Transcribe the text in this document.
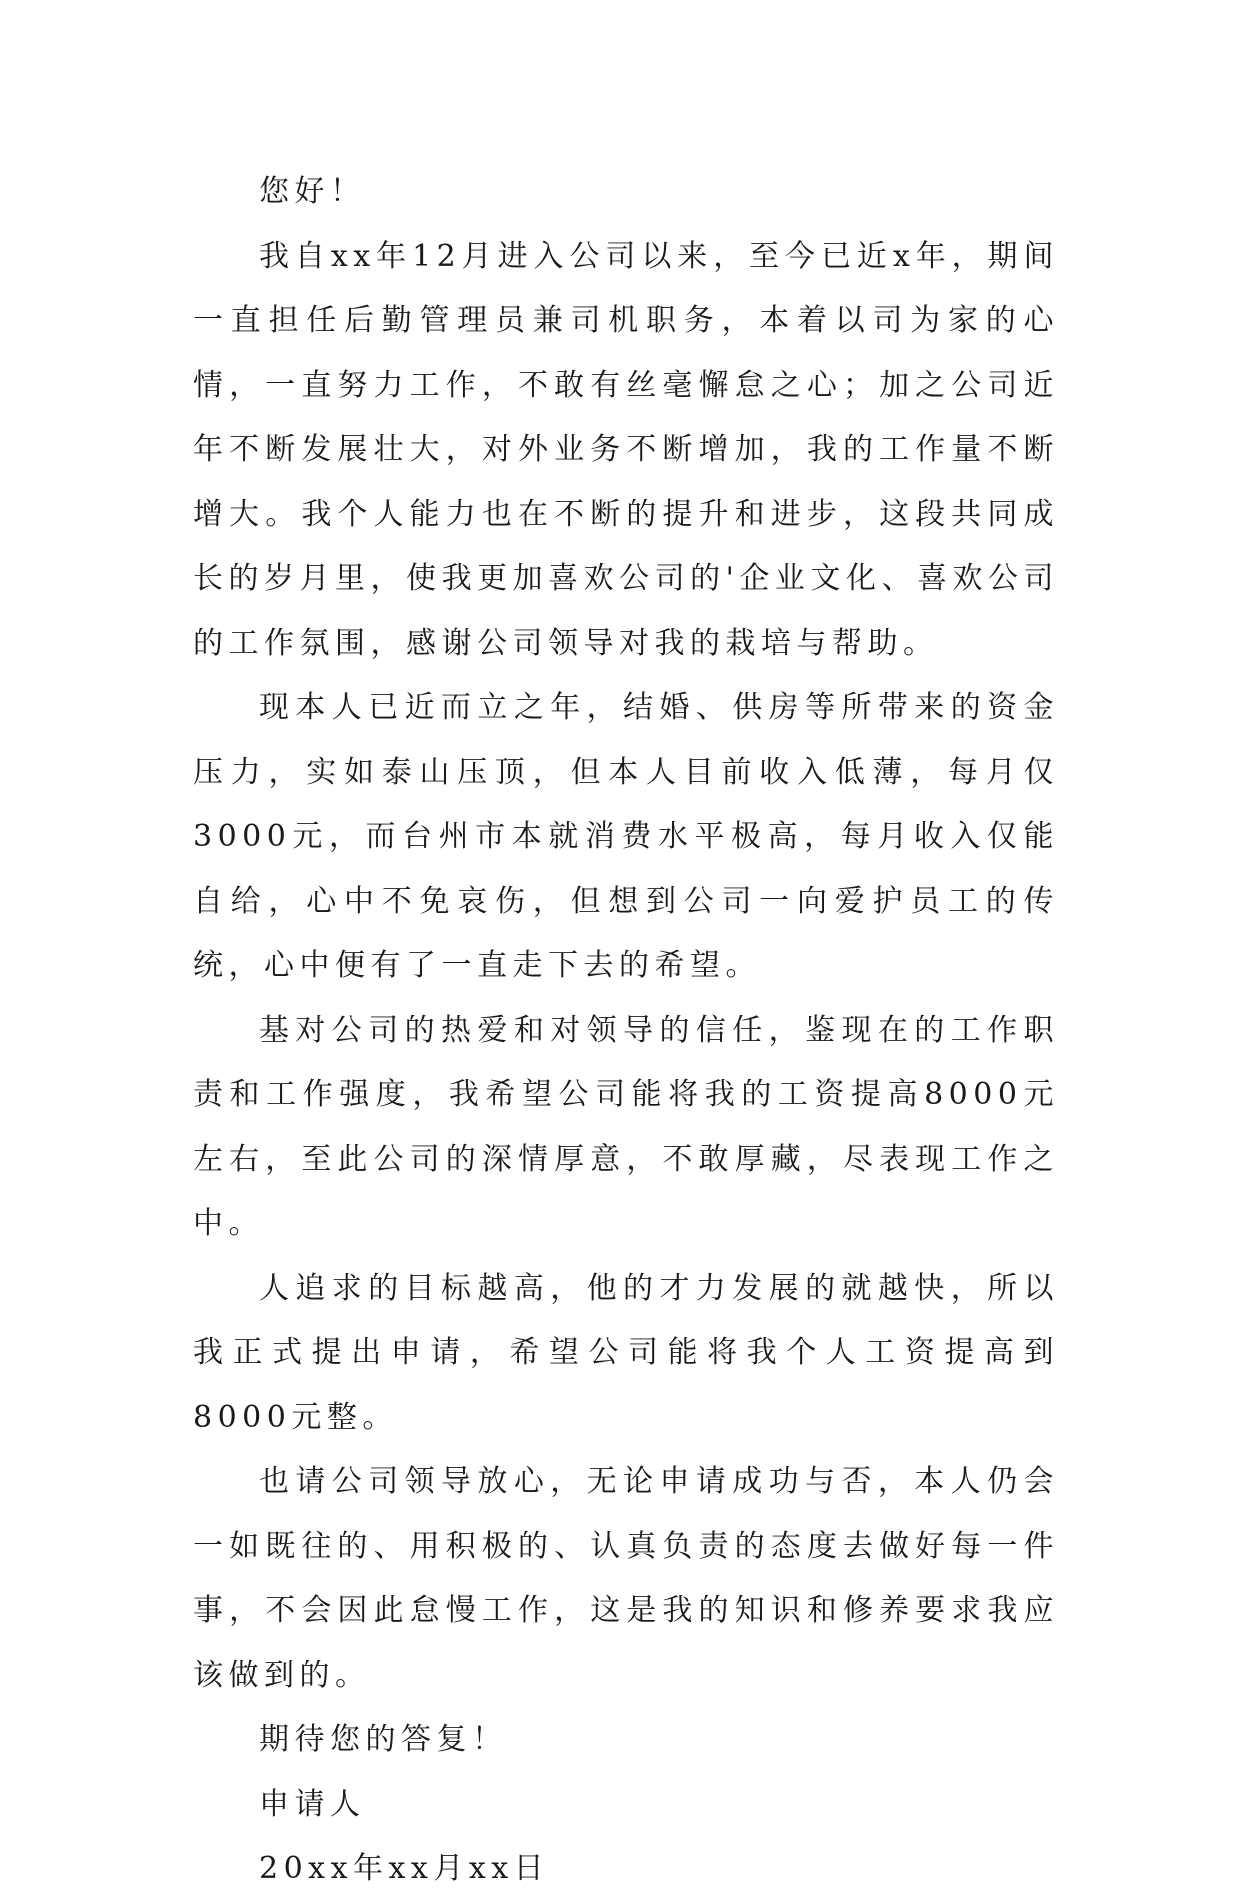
您好！

我自xx年12月进入公司以来，至今已近x年，期间一直担任后勤管理员兼司机职务，本着以司为家的心情，一直努力工作，不敢有丝毫懈怠之心；加之公司近年不断发展壮大，对外业务不断增加，我的工作量不断增大。我个人能力也在不断的提升和进步，这段共同成长的岁月里，使我更加喜欢公司的'企业文化、喜欢公司的工作氛围，感谢公司领导对我的栽培与帮助。

现本人已近而立之年，结婚、供房等所带来的资金压力，实如泰山压顶，但本人目前收入低薄，每月仅3000元，而台州市本就消费水平极高，每月收入仅能自给，心中不免哀伤，但想到公司一向爱护员工的传统，心中便有了一直走下去的希望。

基对公司的热爱和对领导的信任，鉴现在的工作职责和工作强度，我希望公司能将我的工资提高8000元左右，至此公司的深情厚意，不敢厚藏，尽表现工作之中。

人追求的目标越高，他的才力发展的就越快，所以我正式提出申请，希望公司能将我个人工资提高到8000元整。

也请公司领导放心，无论申请成功与否，本人仍会一如既往的、用积极的、认真负责的态度去做好每一件事，不会因此怠慢工作，这是我的知识和修养要求我应该做到的。

期待您的答复！

申请人

20xx年xx月xx日
